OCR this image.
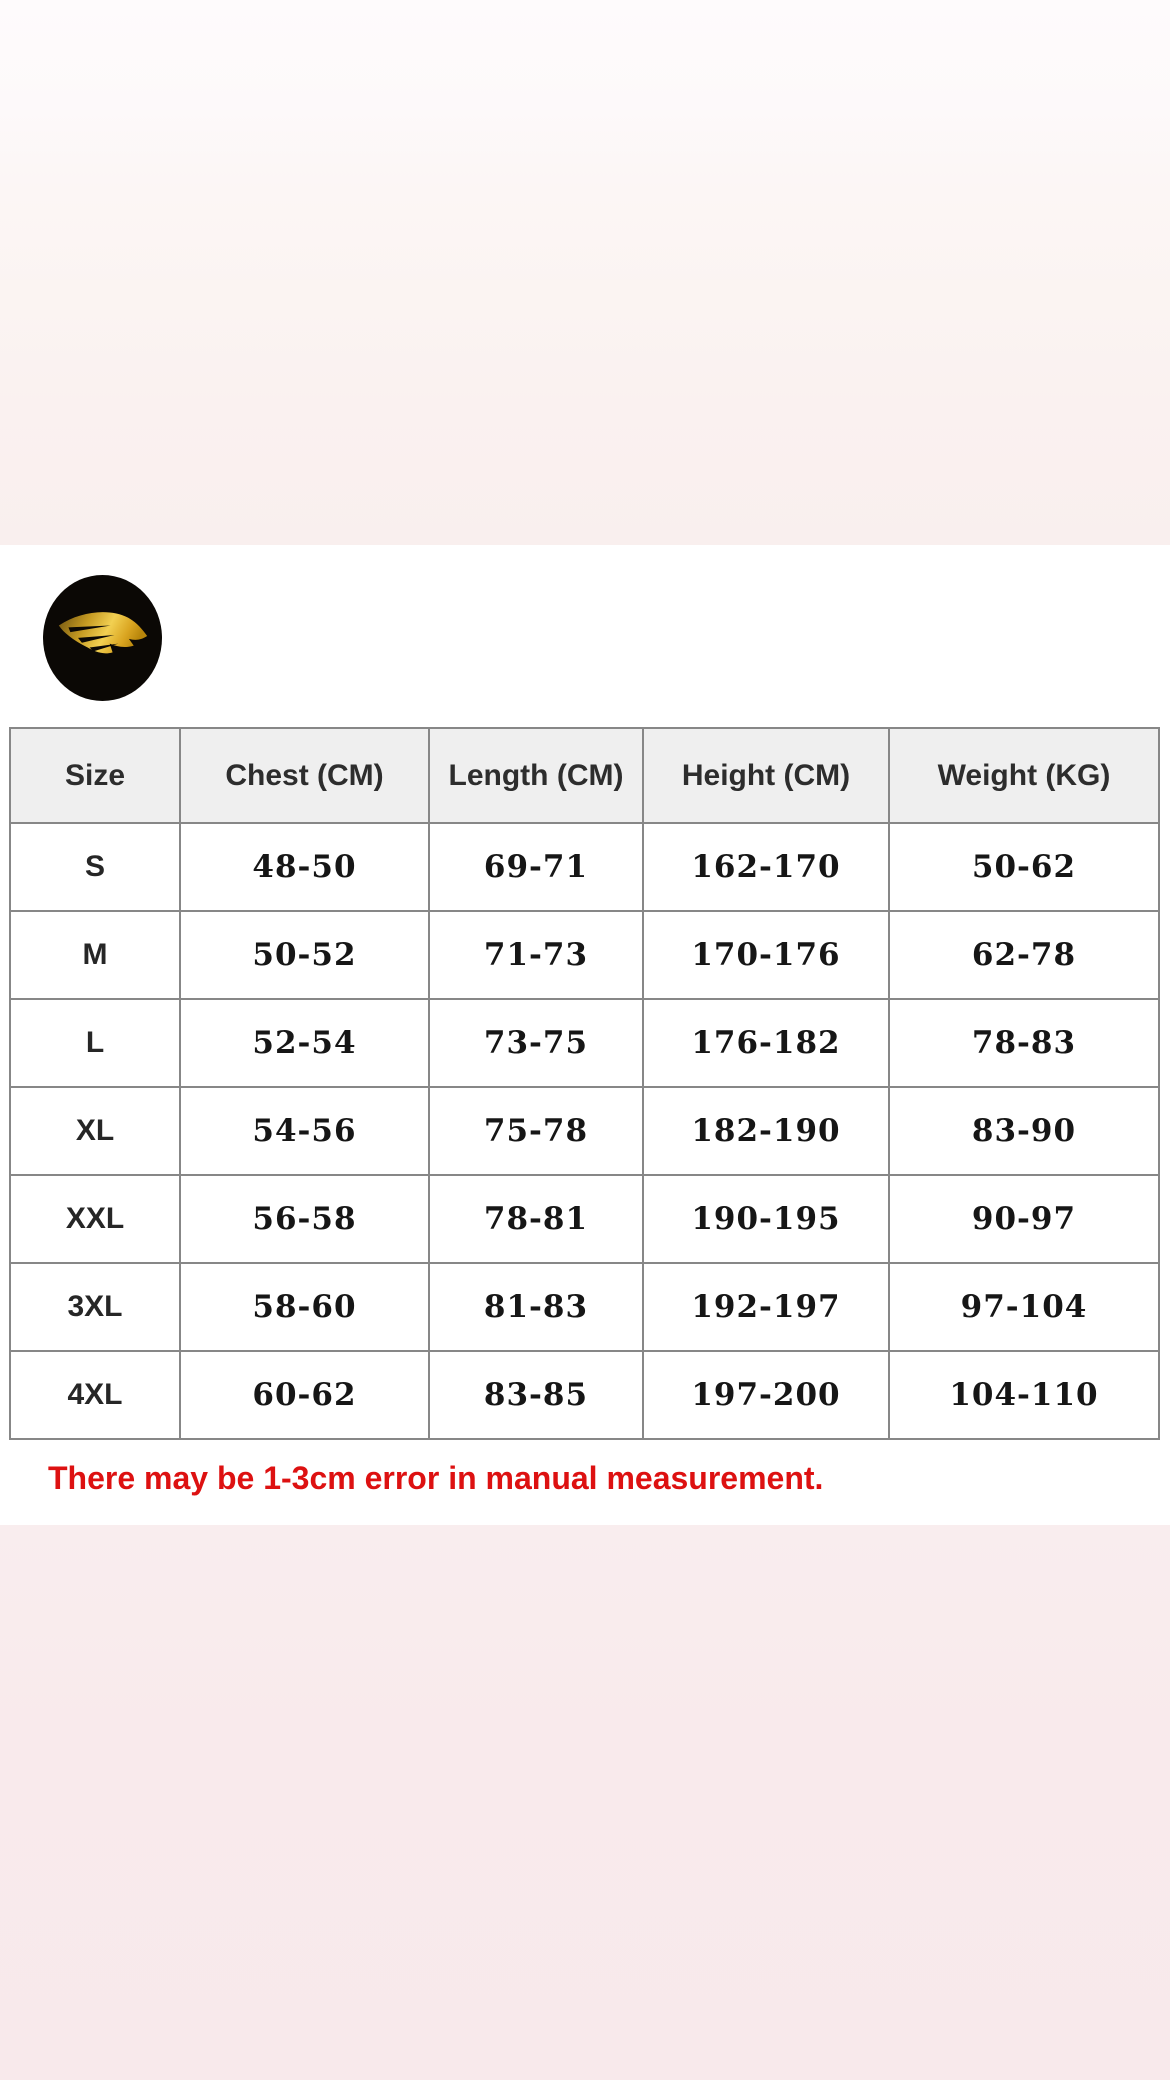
Size	Chest (CM)	Length (CM)	Height (CM)	Weight (KG)
S	48-50	69-71	162-170	50-62
M	50-52	71-73	170-176	62-78
L	52-54	73-75	176-182	78-83
XL	54-56	75-78	182-190	83-90
XXL	56-58	78-81	190-195	90-97
3XL	58-60	81-83	192-197	97-104
4XL	60-62	83-85	197-200	104-110
There may be 1-3cm error in manual measurement.
